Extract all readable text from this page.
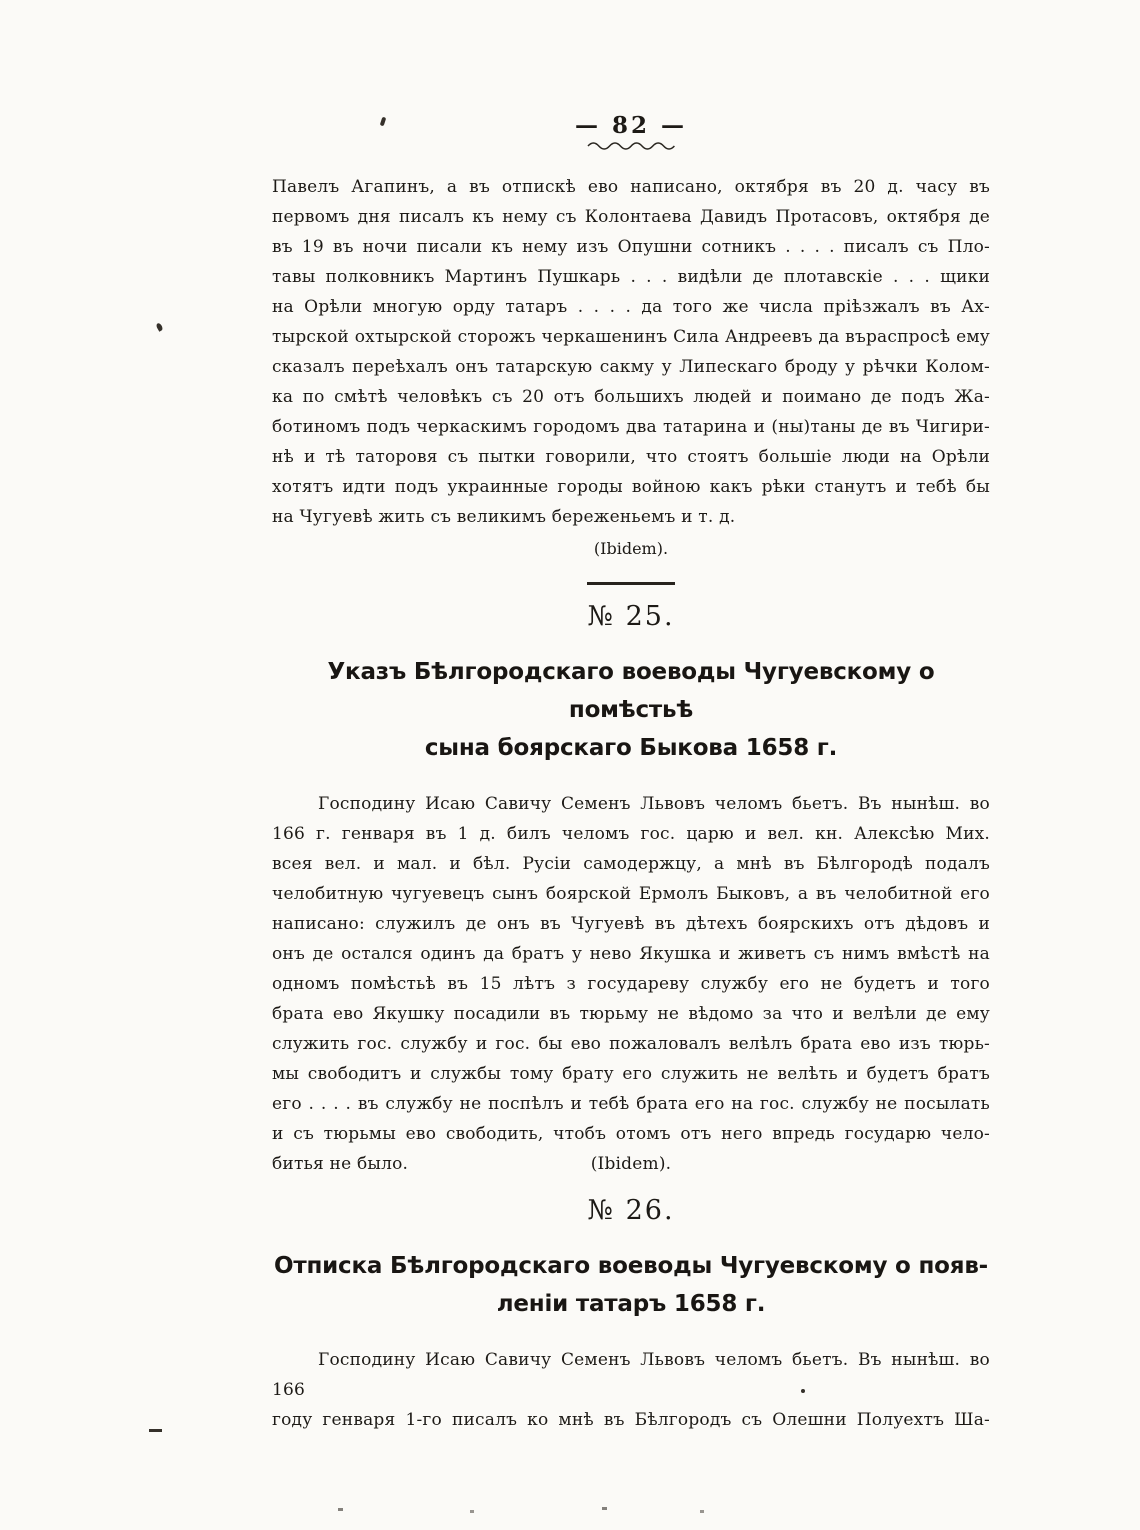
— 82 —
Павелъ Агапинъ, а въ отпискѣ ево написано, октября въ 20 д. часу въ
первомъ дня писалъ къ нему съ Колонтаева Давидъ Протасовъ, октября де
въ 19 въ ночи писали къ нему изъ Опушни сотникъ . . . . писалъ съ Пло-
тавы полковникъ Мартинъ Пушкарь . . . видѣли де плотавскіе . . . щики
на Орѣли многую орду татаръ . . . . да того же числа пріѣзжалъ въ Ах-
тырской охтырской сторожъ черкашенинъ Сила Андреевъ да въраспросѣ ему
сказалъ переѣхалъ онъ татарскую сакму у Липескаго броду у рѣчки Колом-
ка по смѣтѣ человѣкъ съ 20 отъ большихъ людей и поимано де подъ Жа-
ботиномъ подъ черкаскимъ городомъ два татарина и (ны)таны де въ Чигири-
нѣ и тѣ таторовя съ пытки говорили, что стоятъ большіе люди на Орѣли
хотятъ идти подъ украинные городы войною какъ рѣки станутъ и тебѣ бы
на Чугуевѣ жить съ великимъ береженьемъ и т. д.
(Ibidem).
№ 25.
Указъ Бѣлгородскаго воеводы Чугуевскому о помѣстьѣ
сына боярскаго Быкова 1658 г.
Господину Исаю Савичу Семенъ Львовъ челомъ бьетъ. Въ нынѣш. во
166 г. генваря въ 1 д. билъ челомъ гос. царю и вел. кн. Алексѣю Мих.
всея вел. и мал. и бѣл. Русіи самодержцу, а мнѣ въ Бѣлгородѣ подалъ
челобитную чугуевецъ сынъ боярской Ермолъ Быковъ, а въ челобитной его
написано: служилъ де онъ въ Чугуевѣ въ дѣтехъ боярскихъ отъ дѣдовъ и
онъ де остался одинъ да братъ у нево Якушка и живетъ съ нимъ вмѣстѣ на
одномъ помѣстьѣ въ 15 лѣтъ з государеву службу его не будетъ и того
брата ево Якушку посадили въ тюрьму не вѣдомо за что и велѣли де ему
служить гос. службу и гос. бы ево пожаловалъ велѣлъ брата ево изъ тюрь-
мы свободитъ и службы тому брату его служить не велѣть и будетъ братъ
его . . . . въ службу не поспѣлъ и тебѣ брата его на гос. службу не посылать
и съ тюрьмы ево свободить, чтобъ отомъ отъ него впредь государю чело-
битья не было.	(Ibidem).
№ 26.
Отписка Бѣлгородскаго воеводы Чугуевскому о появ-
леніи татаръ 1658 г.
Господину Исаю Савичу Семенъ Львовъ челомъ бьетъ. Въ нынѣш. во 166
году генваря 1-го писалъ ко мнѣ въ Бѣлгородъ съ Олешни Полуехтъ Ша-
